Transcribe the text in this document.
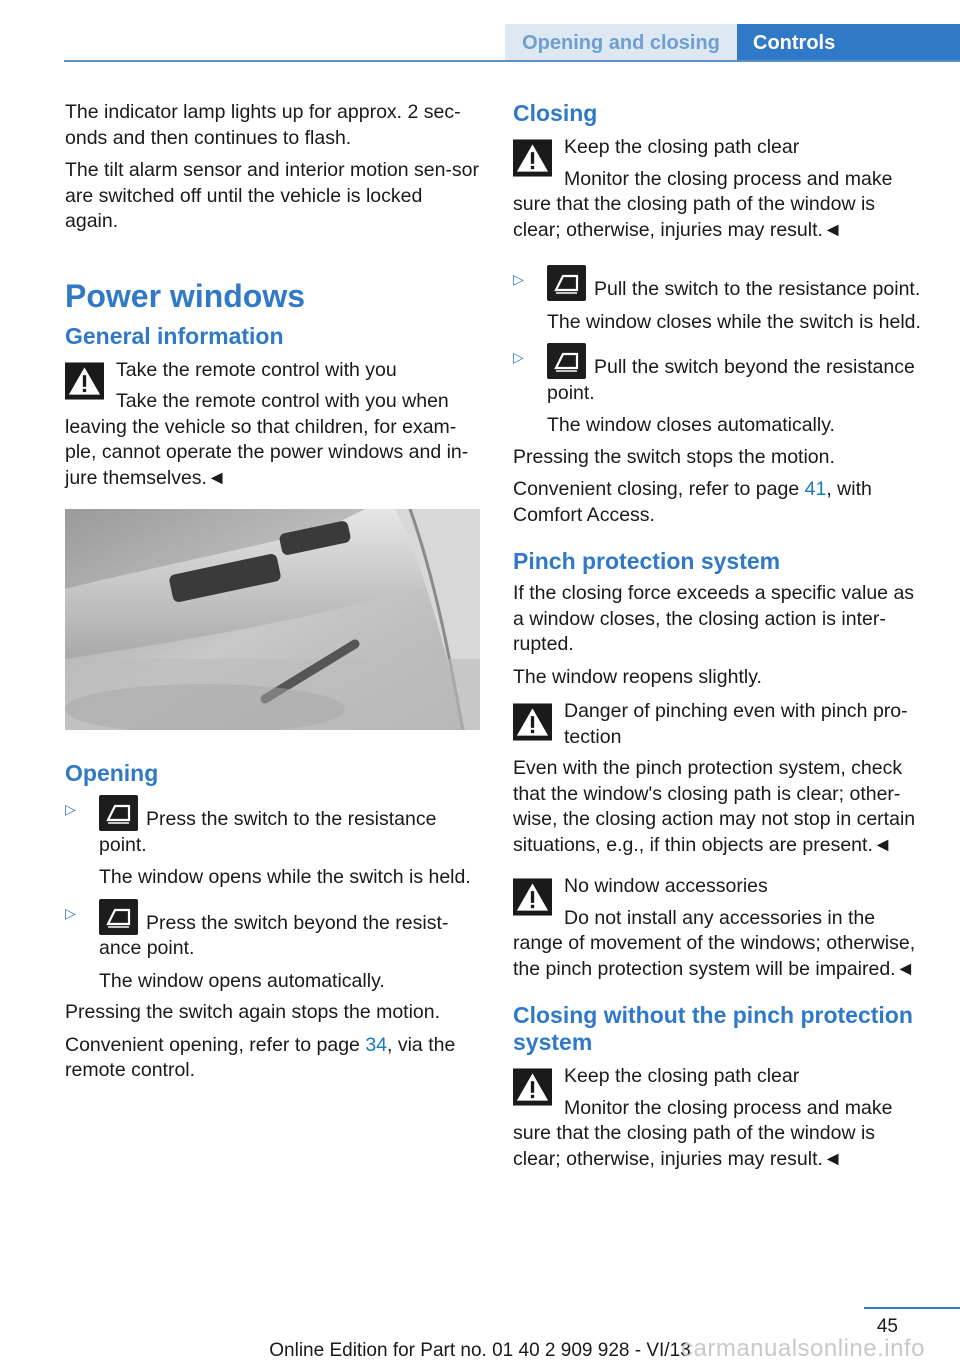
Opening and closing	Controls

The indicator lamp lights up for approx. 2 sec-onds and then continues to flash.

The tilt alarm sensor and interior motion sen-sor are switched off until the vehicle is locked again.

Power windows
General information
Take the remote control with you
Take the remote control with you when leaving the vehicle so that children, for exam-ple, cannot operate the power windows and in-jure themselves.◄
Opening
▷	Press the switch to the resistance point.
The window opens while the switch is held.
▷	Press the switch beyond the resist-ance point.
The window opens automatically.

Pressing the switch again stops the motion.

Convenient opening, refer to page 34, via the remote control.

Closing
Keep the closing path clear
Monitor the closing process and make sure that the closing path of the window is clear; otherwise, injuries may result.◄
▷	Pull the switch to the resistance point.
The window closes while the switch is held.
▷	Pull the switch beyond the resistance point.
The window closes automatically.

Pressing the switch stops the motion.

Convenient closing, refer to page 41, with Comfort Access.

Pinch protection system

If the closing force exceeds a specific value as a window closes, the closing action is inter-rupted.

The window reopens slightly.

Danger of pinching even with pinch pro-tection
Even with the pinch protection system, check that the window's closing path is clear; other-wise, the closing action may not stop in certain situations, e.g., if thin objects are present.◄
No window accessories
Do not install any accessories in the range of movement of the windows; otherwise, the pinch protection system will be impaired.◄
Closing without the pinch protection system
Keep the closing path clear
Monitor the closing process and make sure that the closing path of the window is clear; otherwise, injuries may result.◄
45
Online Edition for Part no. 01 40 2 909 928 - VI/13
carmanualsonline.info
